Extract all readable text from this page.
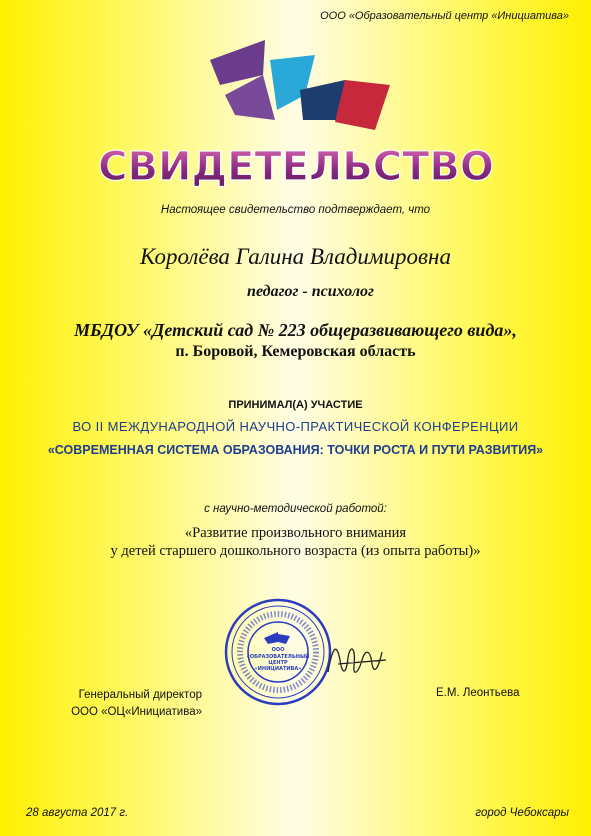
ООО «Образовательный центр «Инициатива»
СВИДЕТЕЛЬСТВО
Настоящее свидетельство подтверждает, что
Королёва Галина Владимировна
педагог - психолог
МБДОУ «Детский сад № 223 общеразвивающего вида»,
п. Боровой, Кемеровская область
ПРИНИМАЛ(А) УЧАСТИЕ
ВО II МЕЖДУНАРОДНОЙ НАУЧНО-ПРАКТИЧЕСКОЙ КОНФЕРЕНЦИИ
«СОВРЕМЕННАЯ СИСТЕМА ОБРАЗОВАНИЯ: ТОЧКИ РОСТА И ПУТИ РАЗВИТИЯ»
с научно-методической работой:
«Развитие произвольного внимания
у детей старшего дошкольного возраста (из опыта работы)»
ООО
«ОБРАЗОВАТЕЛЬНЫЙ
ЦЕНТР
«ИНИЦИАТИВА»
Генеральный директор
ООО «ОЦ«Инициатива»
Е.М. Леонтьева
28 августа 2017 г.	город Чебоксары
